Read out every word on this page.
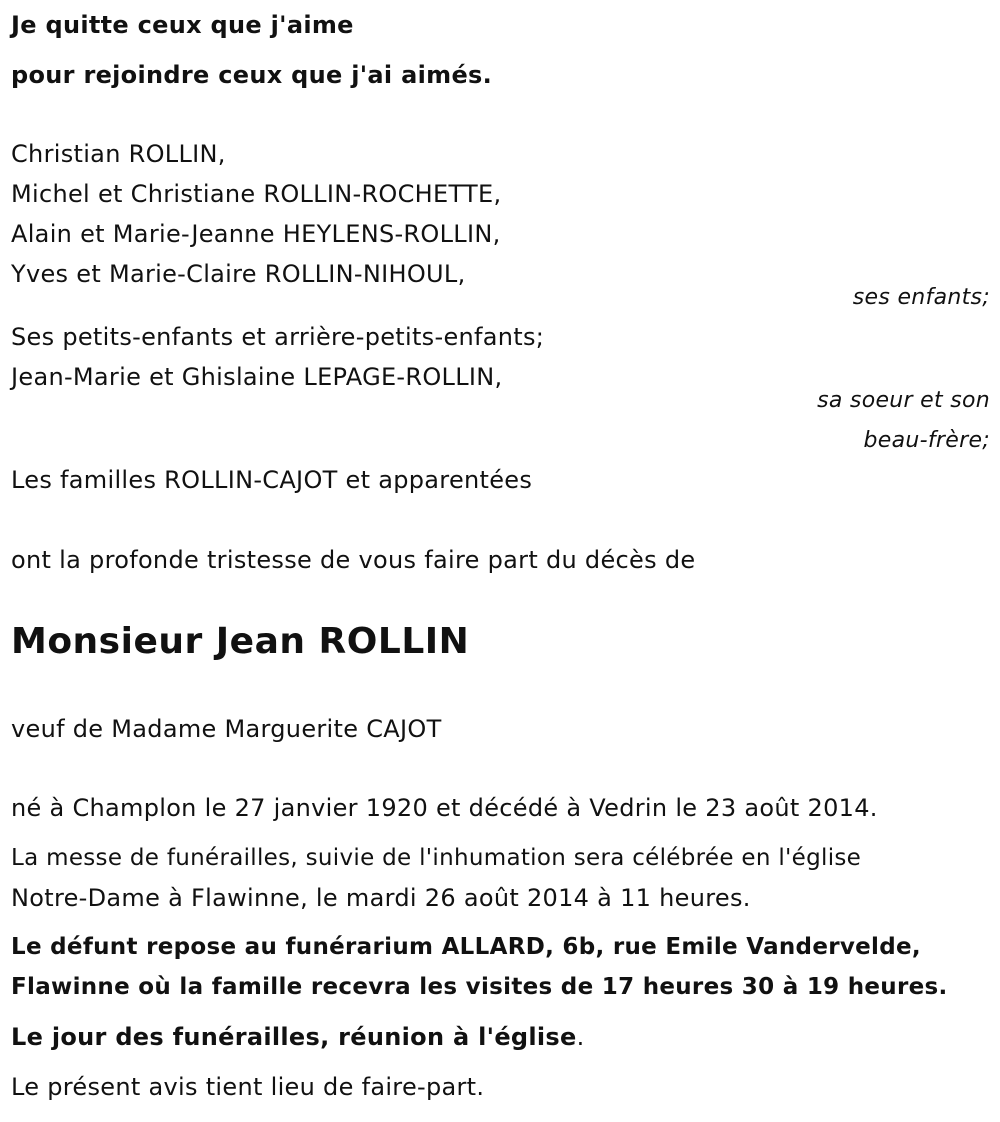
Je quitte ceux que j'aime
pour rejoindre ceux que j'ai aimés.
Christian ROLLIN,
Michel et Christiane ROLLIN-ROCHETTE,
Alain et Marie-Jeanne HEYLENS-ROLLIN,
Yves et Marie-Claire ROLLIN-NIHOUL,
ses enfants;
Ses petits-enfants et arrière-petits-enfants;
Jean-Marie et Ghislaine LEPAGE-ROLLIN,
sa soeur et son
beau-frère;
Les familles ROLLIN-CAJOT et apparentées
ont la profonde tristesse de vous faire part du décès de
Monsieur Jean ROLLIN
veuf de Madame Marguerite CAJOT
né à Champlon le 27 janvier 1920 et décédé à Vedrin le 23 août 2014.
La messe de funérailles, suivie de l'inhumation sera célébrée en l'église
Notre-Dame à Flawinne, le mardi 26 août 2014 à 11 heures.
Le défunt repose au funérarium ALLARD, 6b, rue Emile Vandervelde,
Flawinne où la famille recevra les visites de 17 heures 30 à 19 heures.
Le jour des funérailles, réunion à l'église.
Le présent avis tient lieu de faire-part.
